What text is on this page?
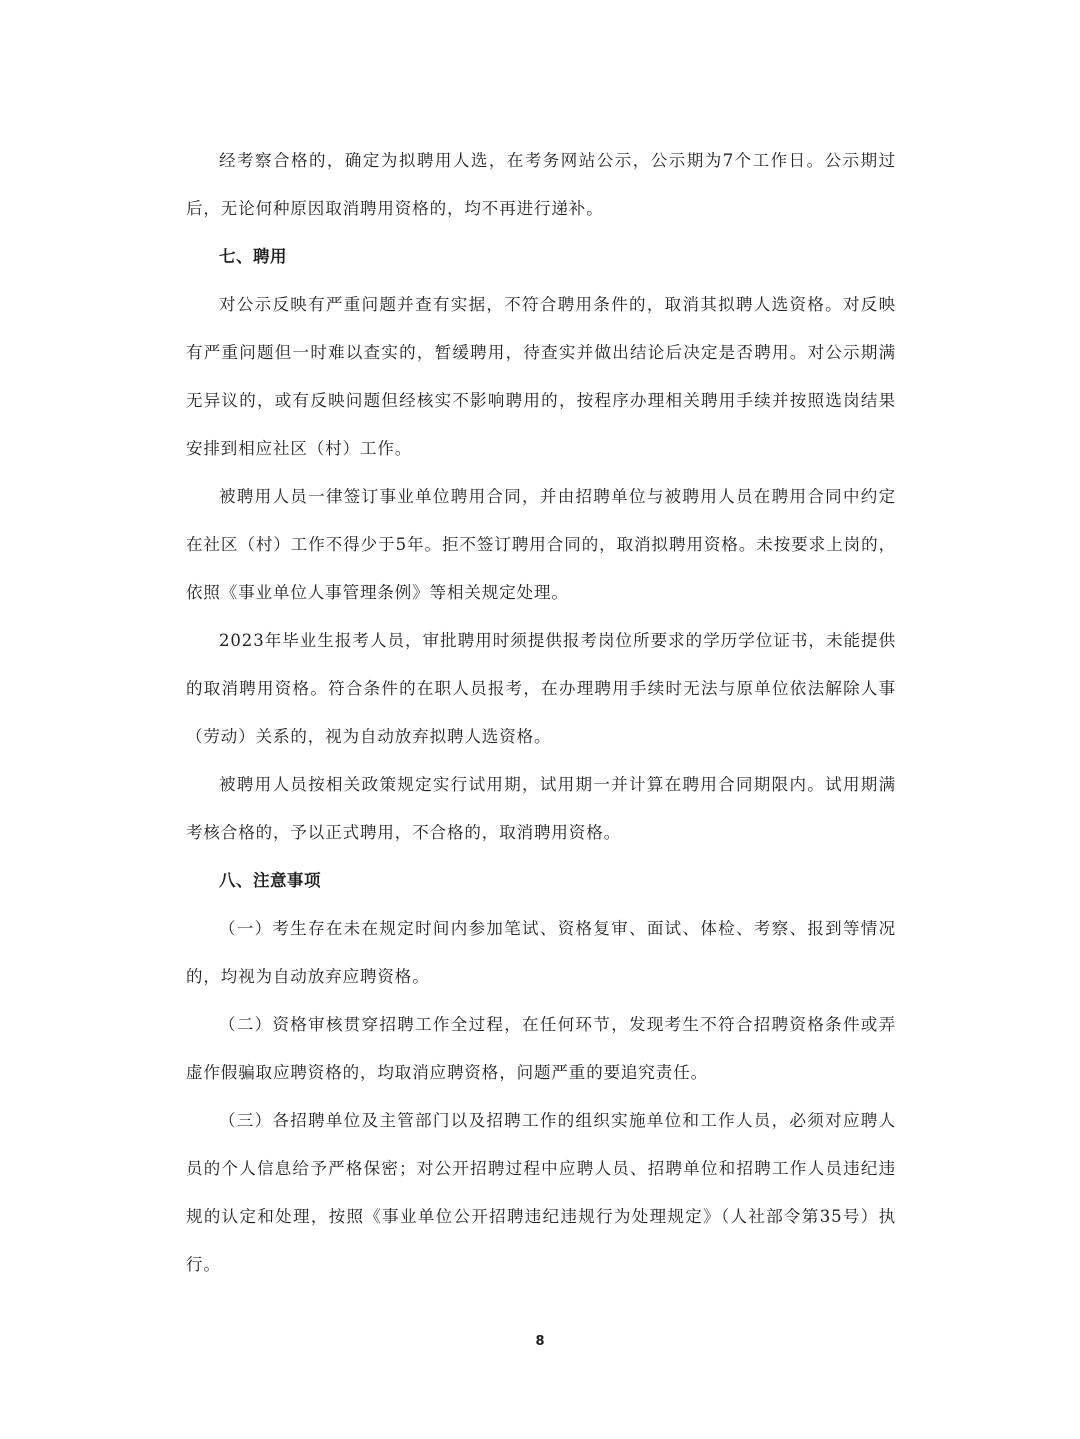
经考察合格的，确定为拟聘用人选，在考务网站公示，公示期为7个工作日。公示期过后，无论何种原因取消聘用资格的，均不再进行递补。

七、聘用

对公示反映有严重问题并查有实据，不符合聘用条件的，取消其拟聘人选资格。对反映有严重问题但一时难以查实的，暂缓聘用，待查实并做出结论后决定是否聘用。对公示期满无异议的，或有反映问题但经核实不影响聘用的，按程序办理相关聘用手续并按照选岗结果安排到相应社区（村）工作。

被聘用人员一律签订事业单位聘用合同，并由招聘单位与被聘用人员在聘用合同中约定在社区（村）工作不得少于5年。拒不签订聘用合同的，取消拟聘用资格。未按要求上岗的，依照《事业单位人事管理条例》等相关规定处理。

2023年毕业生报考人员，审批聘用时须提供报考岗位所要求的学历学位证书，未能提供的取消聘用资格。符合条件的在职人员报考，在办理聘用手续时无法与原单位依法解除人事（劳动）关系的，视为自动放弃拟聘人选资格。

被聘用人员按相关政策规定实行试用期，试用期一并计算在聘用合同期限内。试用期满考核合格的，予以正式聘用，不合格的，取消聘用资格。

八、注意事项

（一）考生存在未在规定时间内参加笔试、资格复审、面试、体检、考察、报到等情况的，均视为自动放弃应聘资格。

（二）资格审核贯穿招聘工作全过程，在任何环节，发现考生不符合招聘资格条件或弄虚作假骗取应聘资格的，均取消应聘资格，问题严重的要追究责任。

（三）各招聘单位及主管部门以及招聘工作的组织实施单位和工作人员，必须对应聘人员的个人信息给予严格保密；对公开招聘过程中应聘人员、招聘单位和招聘工作人员违纪违规的认定和处理，按照《事业单位公开招聘违纪违规行为处理规定》（人社部令第35号）执行。

8
